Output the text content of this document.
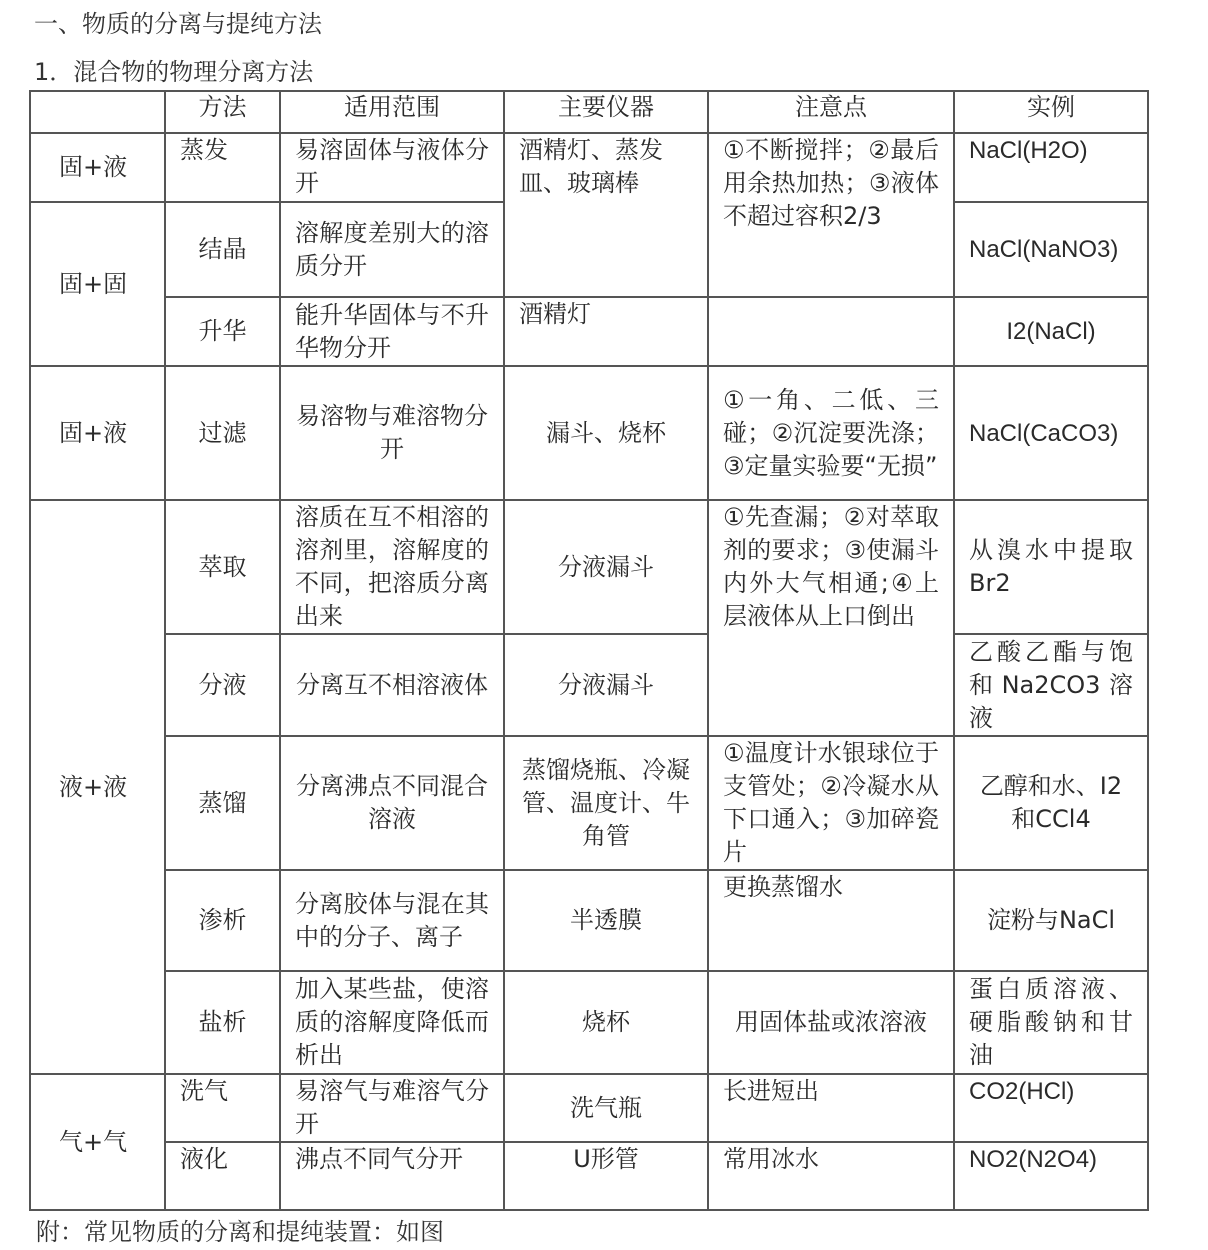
一、物质的分离与提纯方法
1．混合物的物理分离方法
	方法	适用范围	主要仪器	注意点	实例
固+液	蒸发	易溶固体与液体分开	酒精灯、蒸发皿、玻璃棒	①不断搅拌；②最后用余热加热；③液体不超过容积2/3	NaCl(H2O)
固+固	结晶	溶解度差别大的溶质分开			NaCl(NaNO3)
	升华	能升华固体与不升华物分开	酒精灯		I2(NaCl)
固+液	过滤	易溶物与难溶物分开	漏斗、烧杯	①一角、二低、三碰；②沉淀要洗涤；③定量实验要“无损”	NaCl(CaCO3)
液+液	萃取	溶质在互不相溶的溶剂里，溶解度的不同，把溶质分离出来	分液漏斗	①先查漏；②对萃取剂的要求；③使漏斗内外大气相通;④上层液体从上口倒出	从溴水中提取Br2
	分液	分离互不相溶液体	分液漏斗		乙酸乙酯与饱和Na2CO3溶液
	蒸馏	分离沸点不同混合溶液	蒸馏烧瓶、冷凝管、温度计、牛角管	①温度计水银球位于支管处；②冷凝水从下口通入；③加碎瓷片	乙醇和水、I2和CCl4
	渗析	分离胶体与混在其中的分子、离子	半透膜	更换蒸馏水	淀粉与NaCl
	盐析	加入某些盐，使溶质的溶解度降低而析出	烧杯	用固体盐或浓溶液	蛋白质溶液、硬脂酸钠和甘油
气+气	洗气	易溶气与难溶气分开	洗气瓶	长进短出	CO2(HCl)
	液化	沸点不同气分开	U形管	常用冰水	NO2(N2O4)
附：常见物质的分离和提纯装置：如图
